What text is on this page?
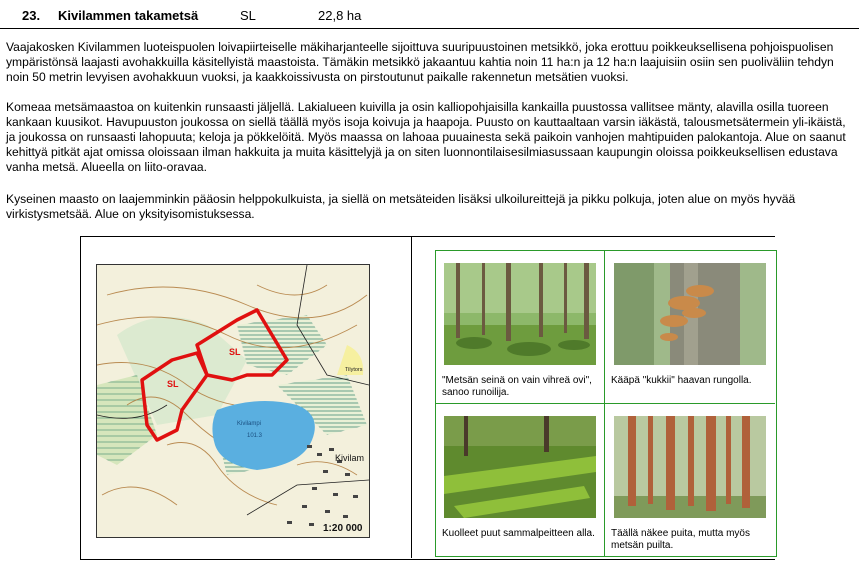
23. Kivilammen takametsä	SL	22,8 ha

Vaajakosken Kivilammen luoteispuolen loivapiirteiselle mäkiharjanteelle sijoittuva suuripuustoinen metsikkö, joka erottuu poikkeuksellisena pohjoispuolisen ympäristönsä laajasti avohakkuilla käsitellyistä maastoista. Tämäkin metsikkö jakaantuu kahtia noin 11 ha:n ja 12 ha:n laajuisiin osiin sen puoliväliin tehdyn noin 50 metrin levyisen avohakkuun vuoksi, ja kaakkoissivusta on pirstoutunut paikalle rakennetun metsätien vuoksi.

Komeaa metsämaastoa on kuitenkin runsaasti jäljellä. Lakialueen kuivilla ja osin kalliopohjaisilla kankailla puustossa vallitsee mänty, alavilla osilla tuoreen kankaan kuusikot. Havupuuston joukossa on siellä täällä myös isoja koivuja ja haapoja. Puusto on kauttaaltaan varsin iäkästä, talousmetsätermein yli-ikäistä, ja joukossa on runsaasti lahopuuta; keloja ja pökkelöitä. Myös maassa on lahoaa puuainesta sekä paikoin vanhojen mahtipuiden palokantoja. Alue on saanut kehittyä pitkät ajat omissa oloissaan ilman hakkuita ja muita käsittelyjä ja on siten luonnontilaisesilmiasussaan kaupungin oloissa poikkeuksellisen edustava vanha metsä. Alueella on liito-oravaa.

Kyseinen maasto on laajemminkin pääosin helppokulkuista, ja siellä on metsäteiden lisäksi ulkoilureittejä ja pikku polkuja, joten alue on myös hyvää virkistysmetsää. Alue on yksityisomistuksessa.

SL
SL
Kivilampi
101.3
Tilytors
Kivilam
1:20 000
"Metsän seinä on vain vihreä ovi", sanoo runoilija.
Kääpä "kukkii" haavan rungolla.
Kuolleet puut sammalpeitteen alla.	Täällä näkee puita, mutta myös metsän puilta.
